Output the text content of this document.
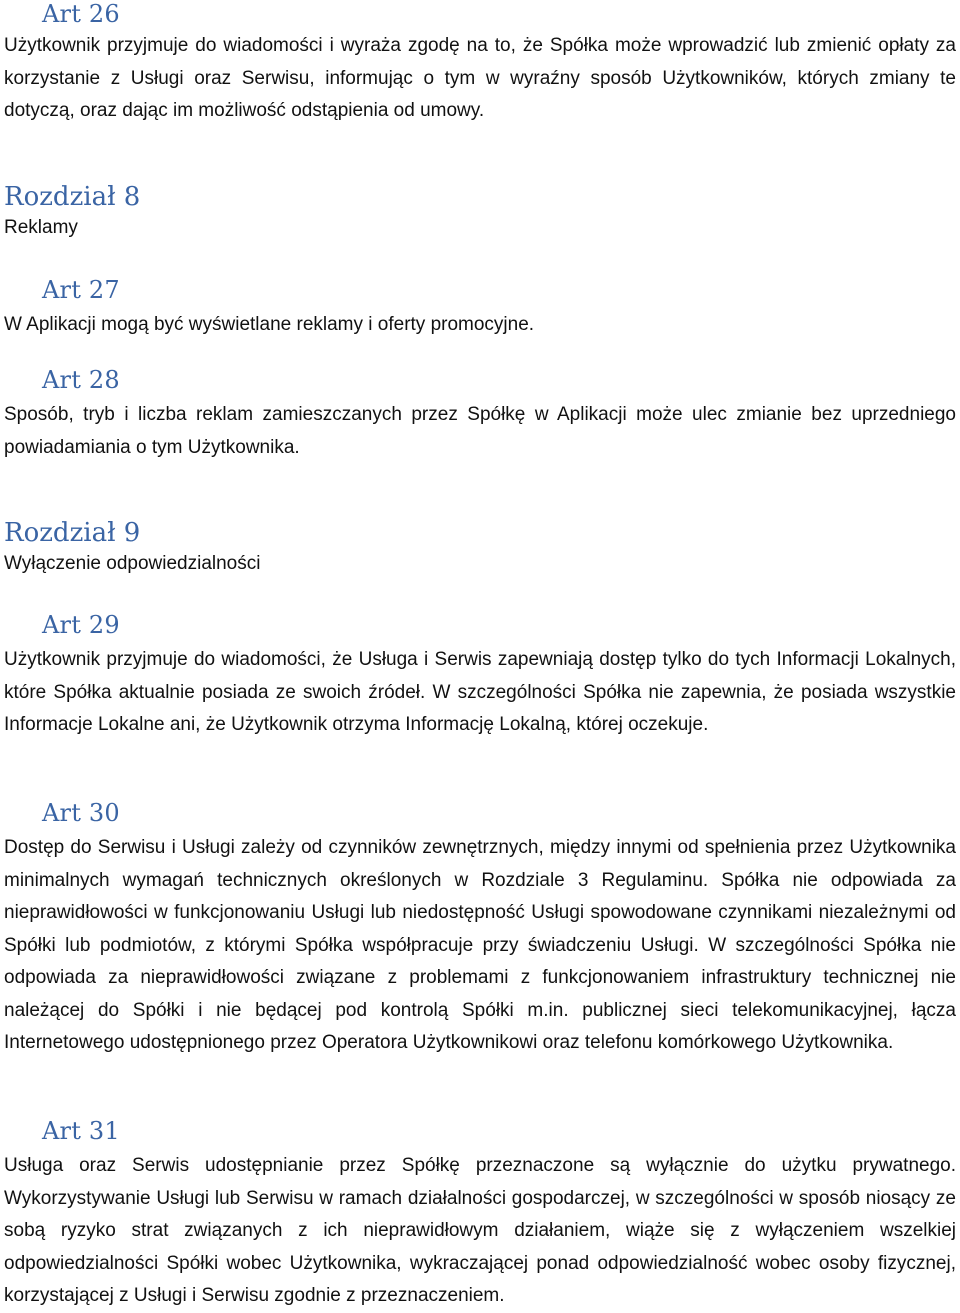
Art 26

Użytkownik przyjmuje do wiadomości i wyraża zgodę na to, że Spółka może wprowadzić lub zmienić opłaty za korzystanie z Usługi oraz Serwisu, informując o tym w wyraźny sposób Użytkowników, których zmiany te dotyczą, oraz dając im możliwość odstąpienia od umowy.

Rozdział 8

Reklamy

Art 27

W Aplikacji mogą być wyświetlane reklamy i oferty promocyjne.

Art 28

Sposób, tryb i liczba reklam zamieszczanych przez Spółkę w Aplikacji może ulec zmianie bez uprzedniego powiadamiania o tym Użytkownika.

Rozdział 9

Wyłączenie odpowiedzialności

Art 29

Użytkownik przyjmuje do wiadomości, że Usługa i Serwis zapewniają dostęp tylko do tych Informacji Lokalnych, które Spółka aktualnie posiada ze swoich źródeł. W szczególności Spółka nie zapewnia, że posiada wszystkie Informacje Lokalne ani, że Użytkownik otrzyma Informację Lokalną, której oczekuje.

Art 30

Dostęp do Serwisu i Usługi zależy od czynników zewnętrznych, między innymi od spełnienia przez Użytkownika minimalnych wymagań technicznych określonych w Rozdziale 3 Regulaminu. Spółka nie odpowiada za nieprawidłowości w funkcjonowaniu Usługi lub niedostępność Usługi spowodowane czynnikami niezależnymi od Spółki lub podmiotów, z którymi Spółka współpracuje przy świadczeniu Usługi. W szczególności Spółka nie odpowiada za nieprawidłowości związane z problemami z funkcjonowaniem infrastruktury technicznej nie należącej do Spółki i nie będącej pod kontrolą Spółki m.in. publicznej sieci telekomunikacyjnej, łącza Internetowego udostępnionego przez Operatora Użytkownikowi oraz telefonu komórkowego Użytkownika.

Art 31

Usługa oraz Serwis udostępnianie przez Spółkę przeznaczone są wyłącznie do użytku prywatnego. Wykorzystywanie Usługi lub Serwisu w ramach działalności gospodarczej, w szczególności w sposób niosący ze sobą ryzyko strat związanych z ich nieprawidłowym działaniem, wiąże się z wyłączeniem wszelkiej odpowiedzialności Spółki wobec Użytkownika, wykraczającej ponad odpowiedzialność wobec osoby fizycznej, korzystającej z Usługi i Serwisu zgodnie z przeznaczeniem.
